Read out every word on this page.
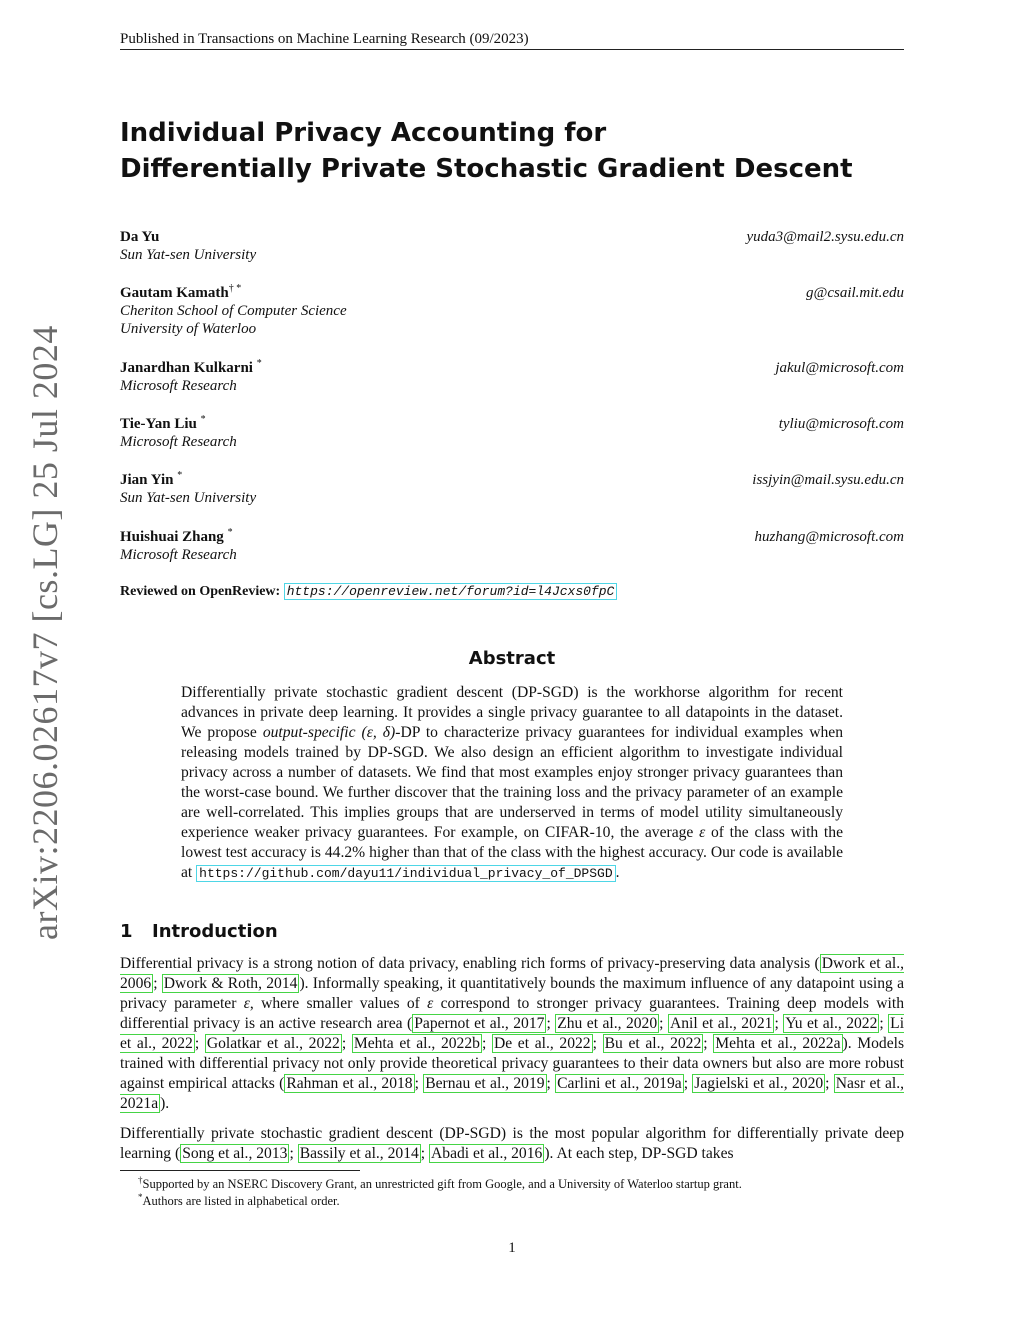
Published in Transactions on Machine Learning Research (09/2023)
arXiv:2206.02617v7 [cs.LG] 25 Jul 2024
Individual Privacy Accounting for
Differentially Private Stochastic Gradient Descent
Da Yu
Sun Yat-sen University
yuda3@mail2.sysu.edu.cn
Gautam Kamath† *
Cheriton School of Computer Science
University of Waterloo
g@csail.mit.edu
Janardhan Kulkarni *
Microsoft Research
jakul@microsoft.com
Tie-Yan Liu *
Microsoft Research
tyliu@microsoft.com
Jian Yin *
Sun Yat-sen University
issjyin@mail.sysu.edu.cn
Huishuai Zhang *
Microsoft Research
huzhang@microsoft.com
Reviewed on OpenReview: https://openreview.net/forum?id=l4Jcxs0fpC
Abstract
Differentially private stochastic gradient descent (DP-SGD) is the workhorse algorithm for recent advances in private deep learning. It provides a single privacy guarantee to all datapoints in the dataset. We propose output-specific (ε, δ)-DP to characterize privacy guarantees for individual examples when releasing models trained by DP-SGD. We also design an efficient algorithm to investigate individual privacy across a number of datasets. We find that most examples enjoy stronger privacy guarantees than the worst-case bound. We further discover that the training loss and the privacy parameter of an example are well-correlated. This implies groups that are underserved in terms of model utility simultaneously experience weaker privacy guarantees. For example, on CIFAR-10, the average ε of the class with the lowest test accuracy is 44.2% higher than that of the class with the highest accuracy. Our code is available at https://github.com/dayu11/individual_privacy_of_DPSGD .
1 Introduction
Differential privacy is a strong notion of data privacy, enabling rich forms of privacy-preserving data analysis ( Dwork et al., 2006 ; Dwork & Roth, 2014 ). Informally speaking, it quantitatively bounds the maximum influence of any datapoint using a privacy parameter ε, where smaller values of ε correspond to stronger privacy guarantees. Training deep models with differential privacy is an active research area ( Papernot et al., 2017 ; Zhu et al., 2020 ; Anil et al., 2021 ; Yu et al., 2022 ; Li et al., 2022 ; Golatkar et al., 2022 ; Mehta et al., 2022b ; De et al., 2022 ; Bu et al., 2022 ; Mehta et al., 2022a ). Models trained with differential privacy not only provide theoretical privacy guarantees to their data owners but also are more robust against empirical attacks ( Rahman et al., 2018 ; Bernau et al., 2019 ; Carlini et al., 2019a ; Jagielski et al., 2020 ; Nasr et al., 2021a ).
Differentially private stochastic gradient descent (DP-SGD) is the most popular algorithm for differentially private deep learning ( Song et al., 2013 ; Bassily et al., 2014 ; Abadi et al., 2016 ). At each step, DP-SGD takes
†Supported by an NSERC Discovery Grant, an unrestricted gift from Google, and a University of Waterloo startup grant.
*Authors are listed in alphabetical order.
1
